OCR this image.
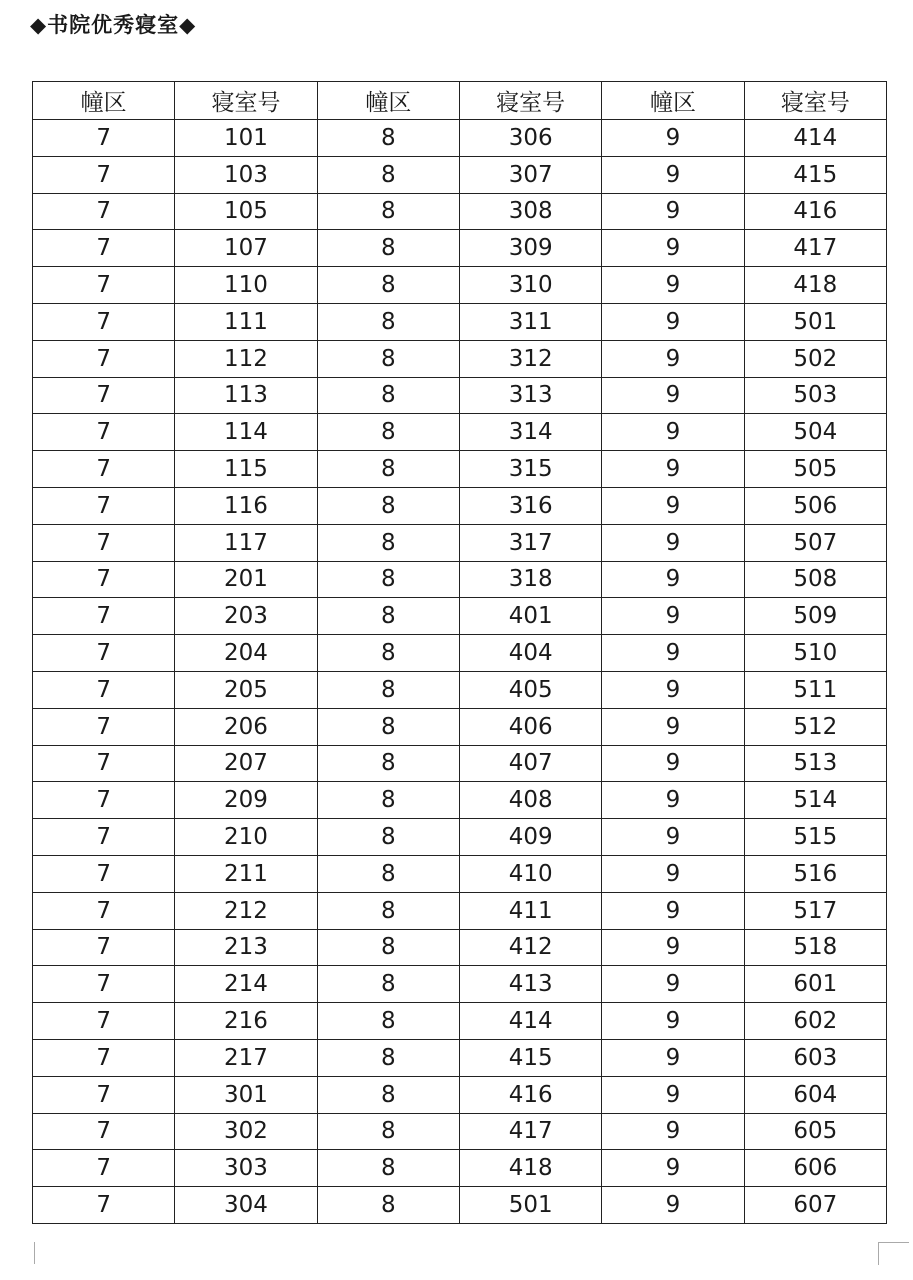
◆书院优秀寝室◆
幢区	寝室号	幢区	寝室号	幢区	寝室号
7	101	8	306	9	414
7	103	8	307	9	415
7	105	8	308	9	416
7	107	8	309	9	417
7	110	8	310	9	418
7	111	8	311	9	501
7	112	8	312	9	502
7	113	8	313	9	503
7	114	8	314	9	504
7	115	8	315	9	505
7	116	8	316	9	506
7	117	8	317	9	507
7	201	8	318	9	508
7	203	8	401	9	509
7	204	8	404	9	510
7	205	8	405	9	511
7	206	8	406	9	512
7	207	8	407	9	513
7	209	8	408	9	514
7	210	8	409	9	515
7	211	8	410	9	516
7	212	8	411	9	517
7	213	8	412	9	518
7	214	8	413	9	601
7	216	8	414	9	602
7	217	8	415	9	603
7	301	8	416	9	604
7	302	8	417	9	605
7	303	8	418	9	606
7	304	8	501	9	607
